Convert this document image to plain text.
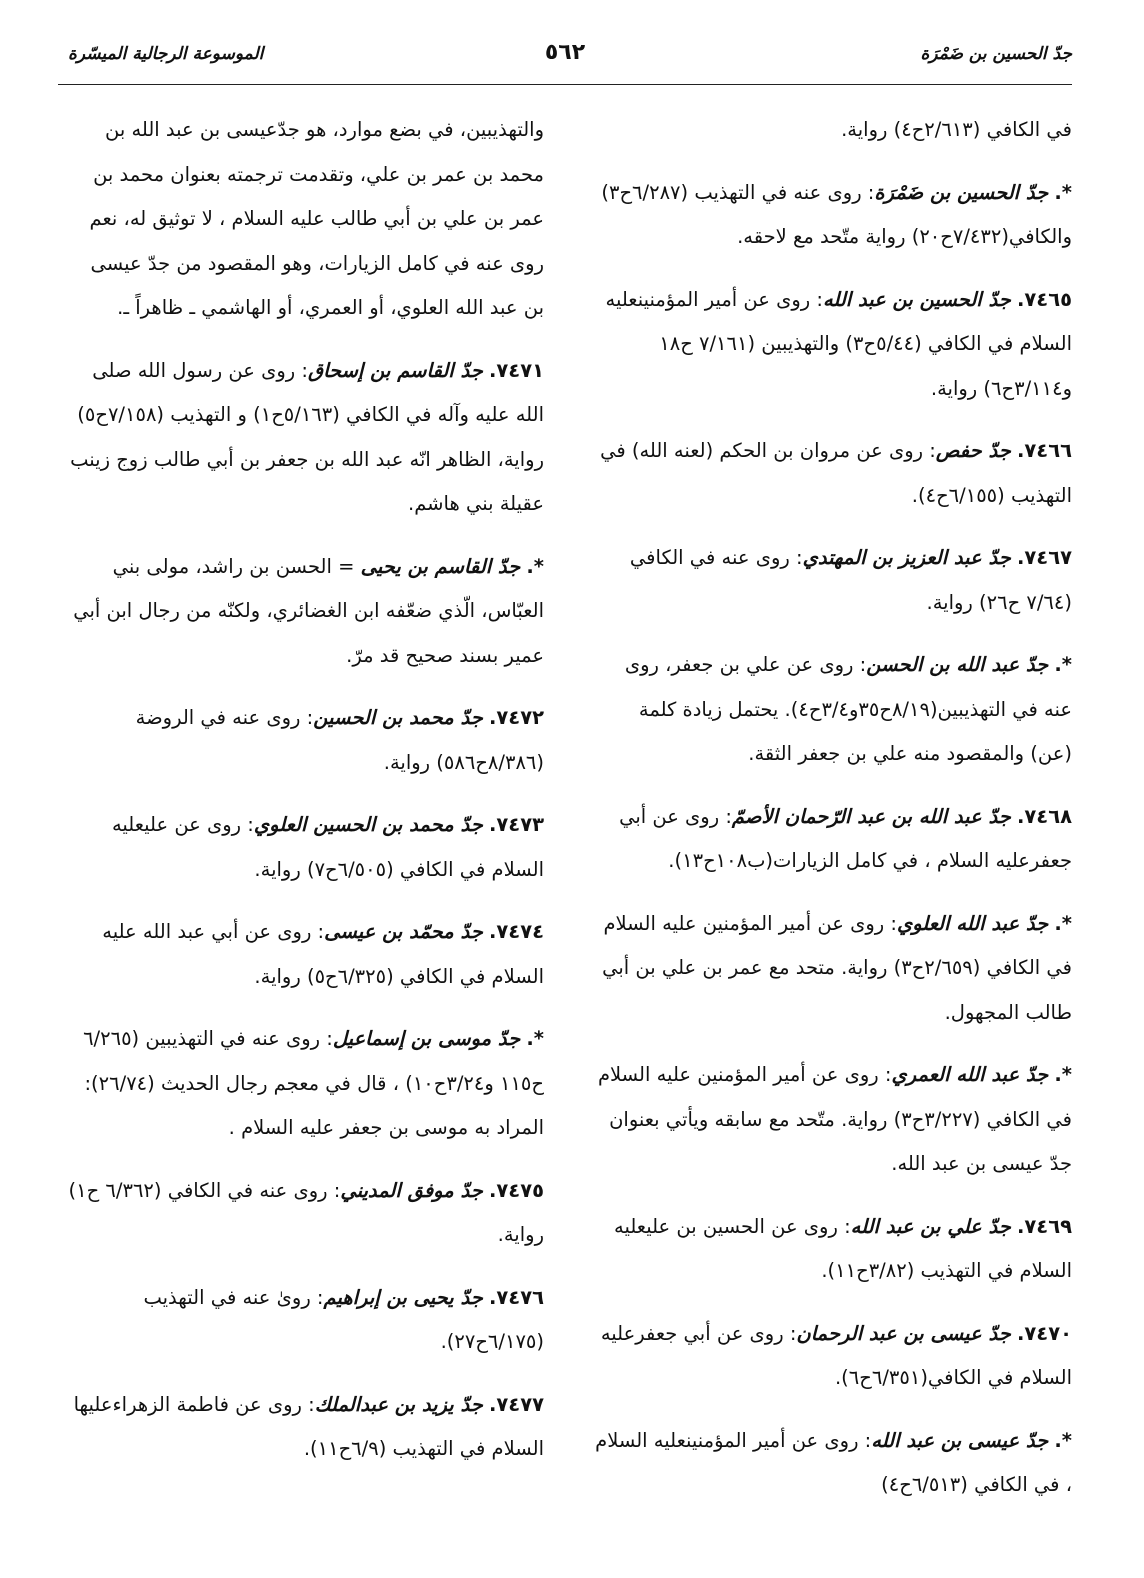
جدّ الحسين بن ضَمْرَة
٥٦٢
الموسوعة الرجالية الميسّرة

في الكافي (٢/٦١٣ح٤) رواية.

*. جدّ الحسين بن ضَمْرَة: روى عنه في التهذيب (٦/٢٨٧ح٣) والكافي(٧/٤٣٢ح٢٠) رواية متّحد مع لاحقه.

٧٤٦٥. جدّ الحسين بن عبد الله: روى عن أمير المؤمنينعليه السلام في الكافي (٥/٤٤ح٣) والتهذيبين (٧/١٦١ ح١٨ و٣/١١٤ح٦) رواية.

٧٤٦٦. جدّ حفص: روى عن مروان بن الحكم (لعنه الله) في التهذيب (٦/١٥٥ح٤).

٧٤٦٧. جدّ عبد العزيز بن المهتدي: روى عنه في الكافي (٧/٦٤ ح٢٦) رواية.

*. جدّ عبد الله بن الحسن: روى عن علي بن جعفر، روى عنه في التهذيبين(٨/١٩ح٣٥و٣/٤ح٤). يحتمل زيادة كلمة (عن) والمقصود منه علي بن جعفر الثقة.

٧٤٦٨. جدّ عبد الله بن عبد الرّحمان الأصمّ: روى عن أبي جعفرعليه السلام ، في كامل الزيارات(ب١٠٨ح١٣).

*. جدّ عبد الله العلوي: روى عن أمير المؤمنين عليه السلام في الكافي (٢/٦٥٩ح٣) رواية. متحد مع عمر بن علي بن أبي طالب المجهول.

*. جدّ عبد الله العمري: روى عن أمير المؤمنين عليه السلام في الكافي (٣/٢٢٧ح٣) رواية. متّحد مع سابقه ويأتي بعنوان جدّ عيسى بن عبد الله.

٧٤٦٩. جدّ علي بن عبد الله: روى عن الحسين بن عليعليه السلام في التهذيب (٣/٨٢ح١١).

٧٤٧٠. جدّ عيسى بن عبد الرحمان: روى عن أبي جعفرعليه السلام في الكافي(٦/٣٥١ح٦).

*. جدّ عيسى بن عبد الله: روى عن أمير المؤمنينعليه السلام ، في الكافي (٦/٥١٣ح٤)

والتهذيبين، في بضع موارد، هو جدّعيسى بن عبد الله بن محمد بن عمر بن علي، وتقدمت ترجمته بعنوان محمد بن عمر بن علي بن أبي طالب عليه السلام ، لا توثيق له، نعم روى عنه في كامل الزيارات، وهو المقصود من جدّ عيسى بن عبد الله العلوي، أو العمري، أو الهاشمي ـ ظاهراً ـ.

٧٤٧١. جدّ القاسم بن إسحاق: روى عن رسول الله صلى الله عليه وآله في الكافي (٥/١٦٣ح١) و التهذيب (٧/١٥٨ح٥) رواية، الظاهر انّه عبد الله بن جعفر بن أبي طالب زوج زينب عقيلة بني هاشم.

*. جدّ القاسم بن يحيى = الحسن بن راشد، مولى بني العبّاس، الّذي ضعّفه ابن الغضائري، ولكنّه من رجال ابن أبي عمير بسند صحيح قد مرّ.

٧٤٧٢. جدّ محمد بن الحسين: روى عنه في الروضة (٨/٣٨٦ح٥٨٦) رواية.

٧٤٧٣. جدّ محمد بن الحسين العلوي: روى عن عليعليه السلام في الكافي (٦/٥٠٥ح٧) رواية.

٧٤٧٤. جدّ محمّد بن عيسى: روى عن أبي عبد الله عليه السلام في الكافي (٦/٣٢٥ح٥) رواية.

*. جدّ موسى بن إسماعيل: روى عنه في التهذيبين (٦/٢٦٥ ح١١٥ و٣/٢٤ح١٠) ، قال في معجم رجال الحديث (٢٦/٧٤): المراد به موسى بن جعفر عليه السلام .

٧٤٧٥. جدّ موفق المديني: روى عنه في الكافي (٦/٣٦٢ ح١) رواية.

٧٤٧٦. جدّ يحيى بن إبراهيم: روىٰ عنه في التهذيب (٦/١٧٥ح٢٧).

٧٤٧٧. جدّ يزيد بن عبدالملك: روى عن فاطمة الزهراءعليها السلام في التهذيب (٦/٩ح١١).
